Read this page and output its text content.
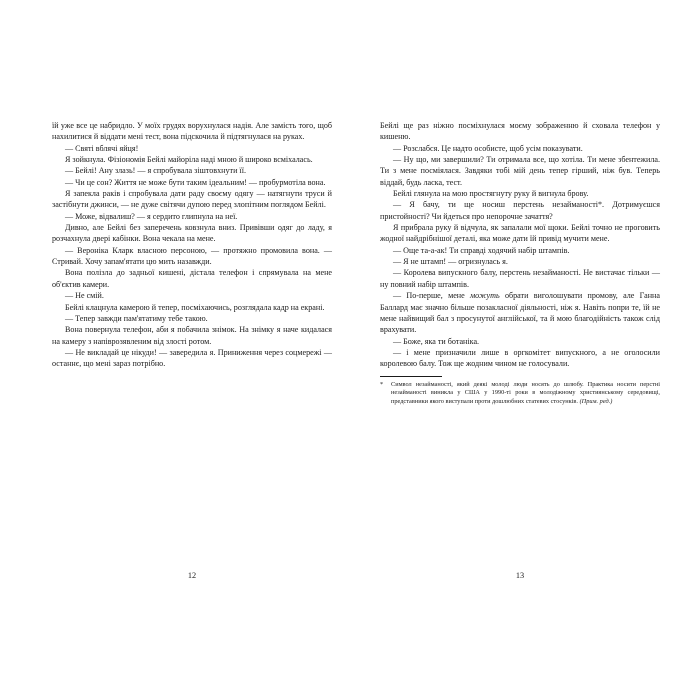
їй уже все це набридло. У моїх грудях ворухнулася надія. Але замість того, щоб нахилитися й віддати мені тест, вона підскочила й підтягнулася на руках.

— Святі вблячі яйця!

Я зойкнула. Фізіономія Бейлі майоріла наді мною й широко всміхалась.

— Бейлі! Ану злазь! — я спробувала зіштовхнути її.

— Чи це сон? Життя не може бути таким ідеальним! — пробурмотіла вона.

Я запекла раків і спробувала дати раду своєму одягу — натягнути труси й застібнути джинси, — не дуже світячи дупою перед злопітним поглядом Бейлі.

— Може, відвалиш? — я сердито глипнула на неї.

Дивно, але Бейлі без заперечень ковзнула вниз. Привівши одяг до ладу, я розчахнула двері кабінки. Вона чекала на мене.

— Вероніка Кларк власною персоною, — протяжно промовила вона. — Стривай. Хочу запам'ятати цю мить назавжди.

Вона полізла до задньої кишені, дістала телефон і спрямувала на мене об'єктив камери.

— Не смій.

Бейлі клацнула камерою й тепер, посміхаючись, розглядала кадр на екрані.

— Тепер завжди пам'ятатиму тебе такою.

Вона повернула телефон, аби я побачила знімок. На знімку я наче кидалася на камеру з напіврозявленим від злості ротом.

— Не викладай це нікуди! — завередила я. Приниження через соцмережі — останнє, що мені зараз потрібно.

Бейлі ще раз ніжно посміхнулася моєму зображенню й сховала телефон у кишеню.

— Розслабся. Це надто особисте, щоб усім показувати.

— Ну що, ми завершили? Ти отримала все, що хотіла. Ти мене збентежила. Ти з мене посміялася. Завдяки тобі мій день тепер гірший, ніж був. Теперь віддай, будь ласка, тест.

Бейлі глянула на мою простягнуту руку й вигнула брову.

— Я бачу, ти ще носиш перстень незайманості*. Дотримуєшся пристойності? Чи йдеться про непорочне зачаття?

Я прибрала руку й відчула, як запалали мої щоки. Бейлі точно не проговить жодної найдрібнішої деталі, яка може дати їй привід мучити мене.

— Още та-а-ак! Ти справді ходячий набір штампів.

— Я не штамп! — огризнулась я.

— Королева випускного балу, перстень незайманості. Не вистачає тільки — ну повний набір штампів.

— По-перше, мене можуть обрати виголошувати промову, але Ганна Баллард має значно більше позакласної діяльності, ніж я. Навіть попри те, їй не мене найвищий бал з просунутої англійської, та й мою благодійність також слід врахувати.

— Боже, яка ти ботаніка.

— і мене призначили лише в оргкомітет випускного, а не оголосили королевою балу. Тож ще жодним чином не голосували.

* Символ незайманості, який деякі молоді люди носять до шлюбу. Практика носити перстні незайманості виникла у США у 1990-ті роки в молодіжному християнському середовищі, представники якого виступали проти дошлюбних статевих стосунків. (Прим. ред.)
12	13
